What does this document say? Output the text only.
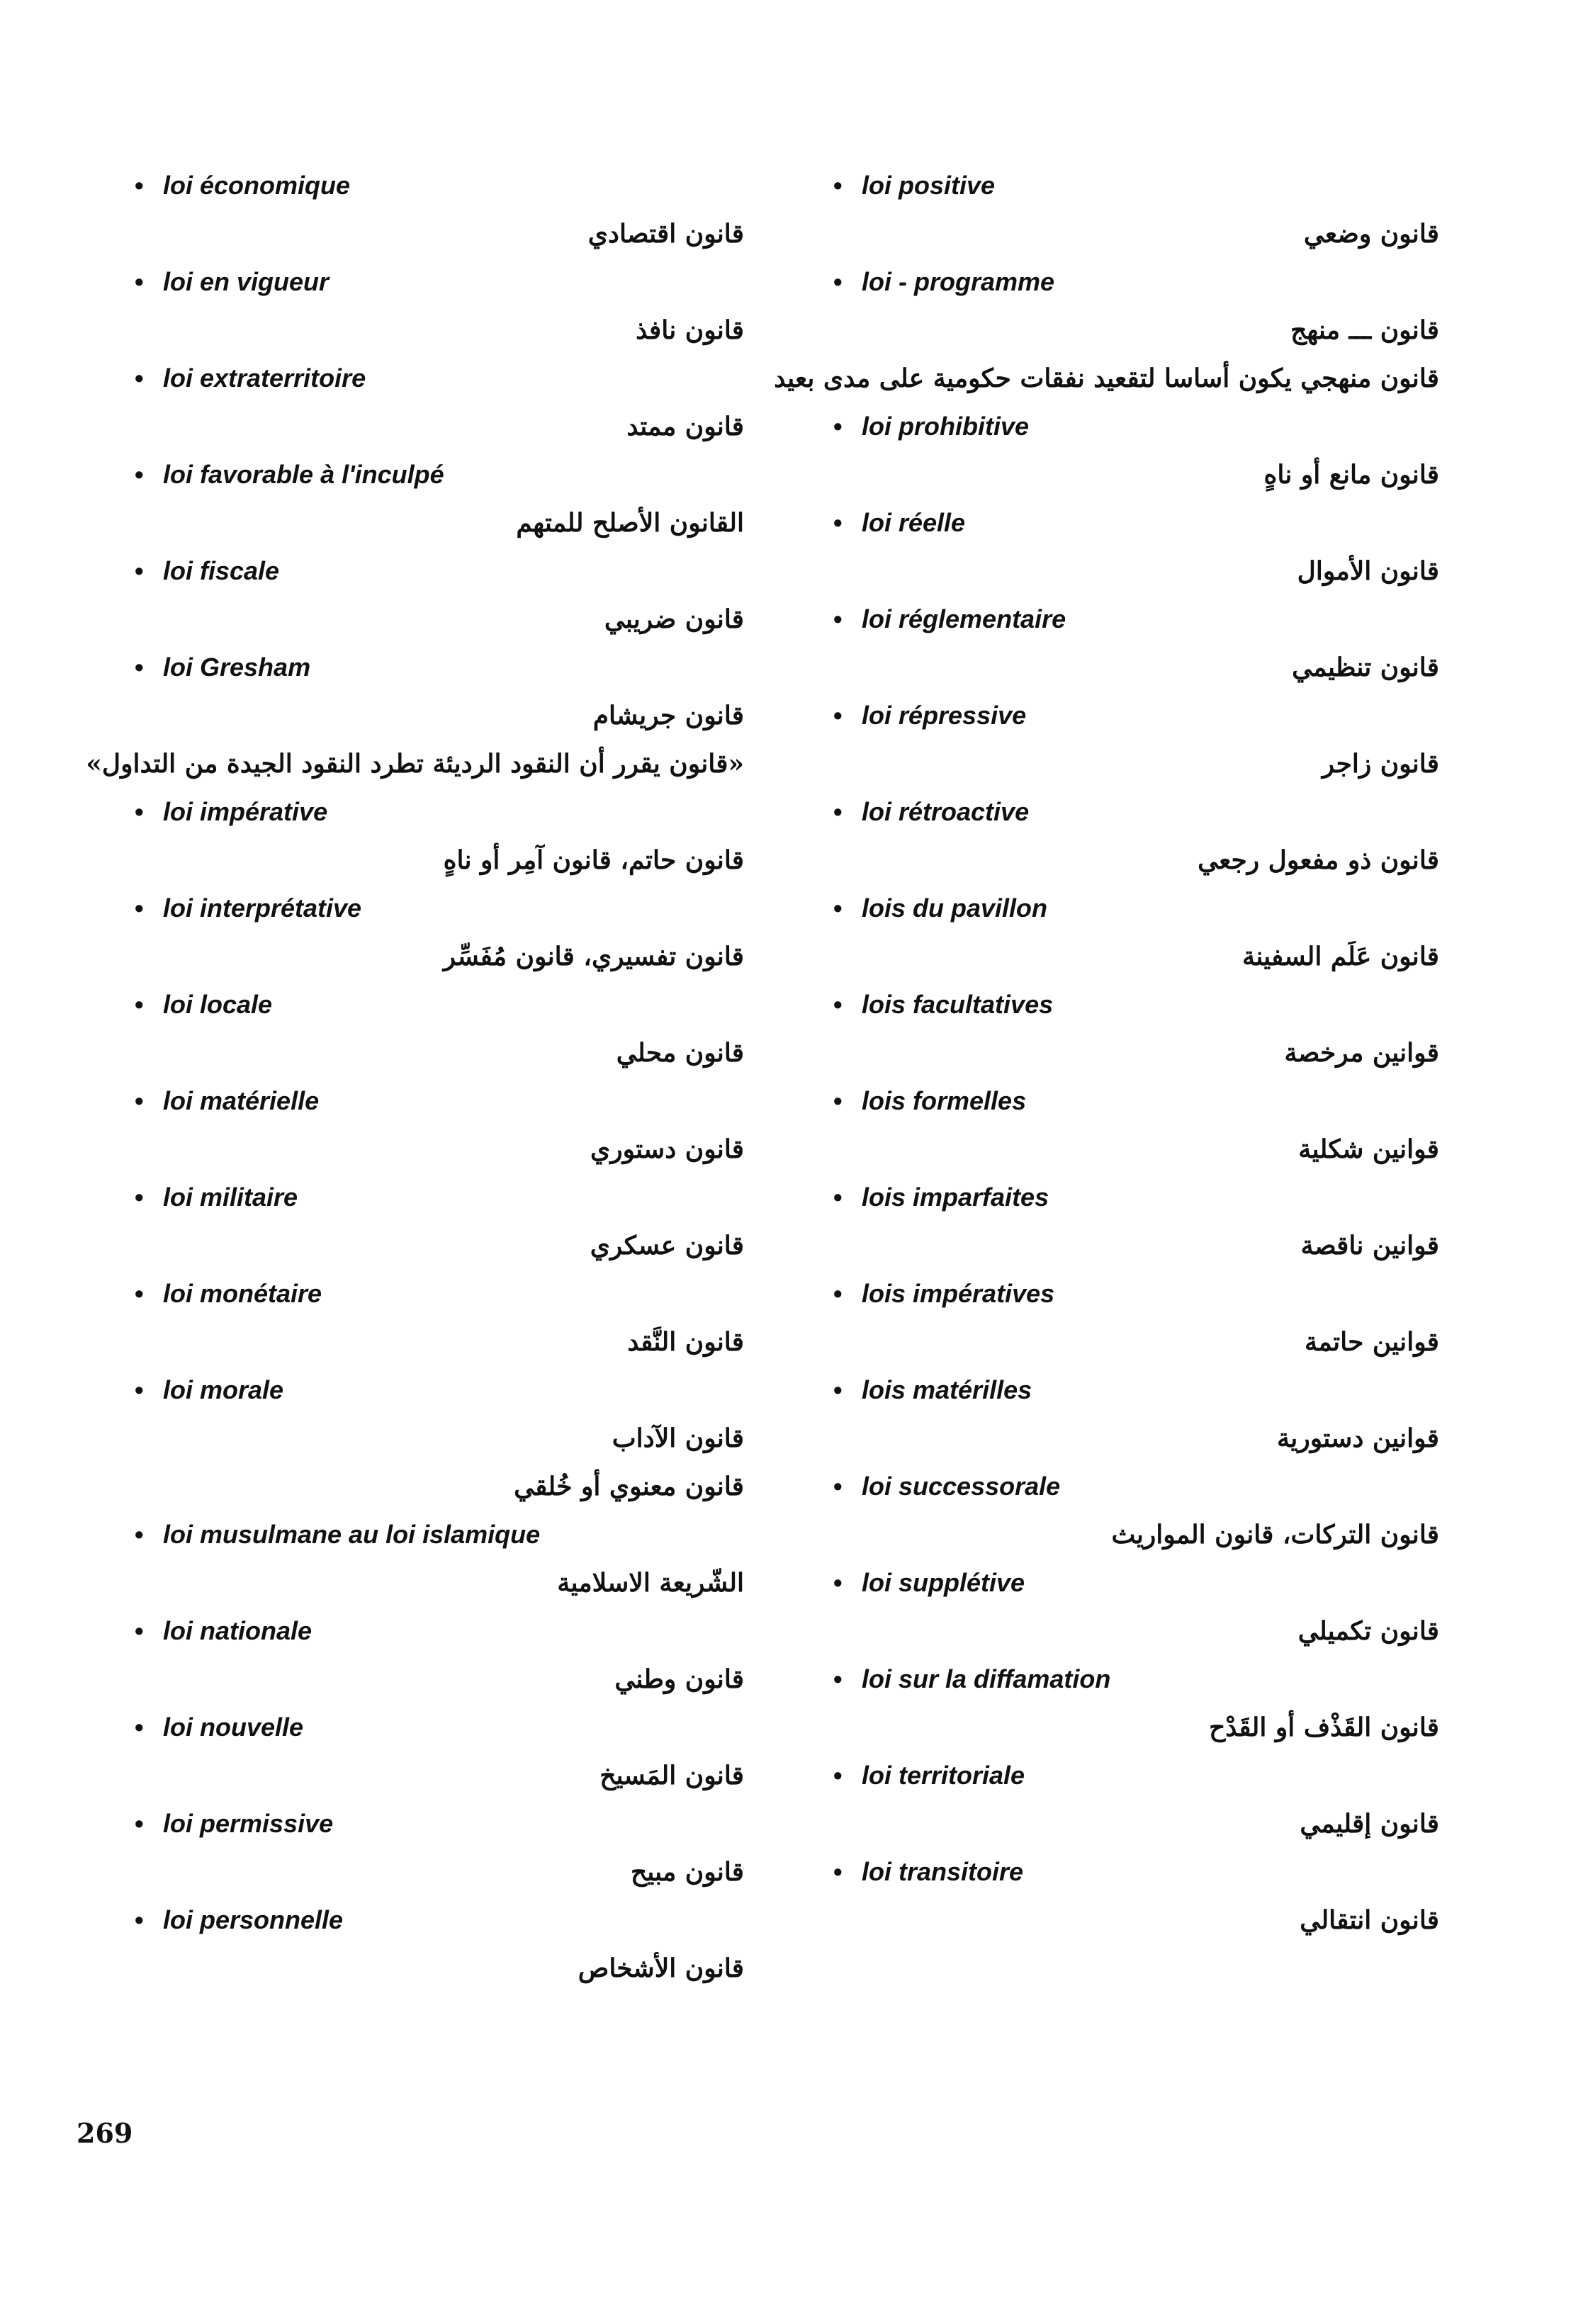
• loi économique
قانون اقتصادي
• loi en vigueur
قانون نافذ
• loi extraterritoire
قانون ممتد
• loi favorable à l'inculpé
القانون الأصلح للمتهم
• loi fiscale
قانون ضريبي
• loi Gresham
قانون جريشام
«قانون يقرر أن النقود الرديئة تطرد النقود الجيدة من التداول»
• loi impérative
قانون حاتم، قانون آمِر أو ناهٍ
• loi interprétative
قانون تفسيري، قانون مُفَسِّر
• loi locale
قانون محلي
• loi matérielle
قانون دستوري
• loi militaire
قانون عسكري
• loi monétaire
قانون النَّقد
• loi morale
قانون الآداب
قانون معنوي أو خُلقي
• loi musulmane au loi islamique
الشّريعة الاسلامية
• loi nationale
قانون وطني
• loi nouvelle
قانون المَسيخ
• loi permissive
قانون مبيح
• loi personnelle
قانون الأشخاص
• loi positive
قانون وضعي
• loi - programme
قانون ـــ منهج
قانون منهجي يكون أساسا لتقعيد نفقات حكومية على مدى بعيد
• loi prohibitive
قانون مانع أو ناهٍ
• loi réelle
قانون الأموال
• loi réglementaire
قانون تنظيمي
• loi répressive
قانون زاجر
• loi rétroactive
قانون ذو مفعول رجعي
• lois du pavillon
قانون عَلَم السفينة
• lois facultatives
قوانين مرخصة
• lois formelles
قوانين شكلية
• lois imparfaites
قوانين ناقصة
• lois impératives
قوانين حاتمة
• lois matérilles
قوانين دستورية
• loi successorale
قانون التركات، قانون المواريث
• loi supplétive
قانون تكميلي
• loi sur la diffamation
قانون القَذْف أو القَدْح
• loi territoriale
قانون إقليمي
• loi transitoire
قانون انتقالي
269
